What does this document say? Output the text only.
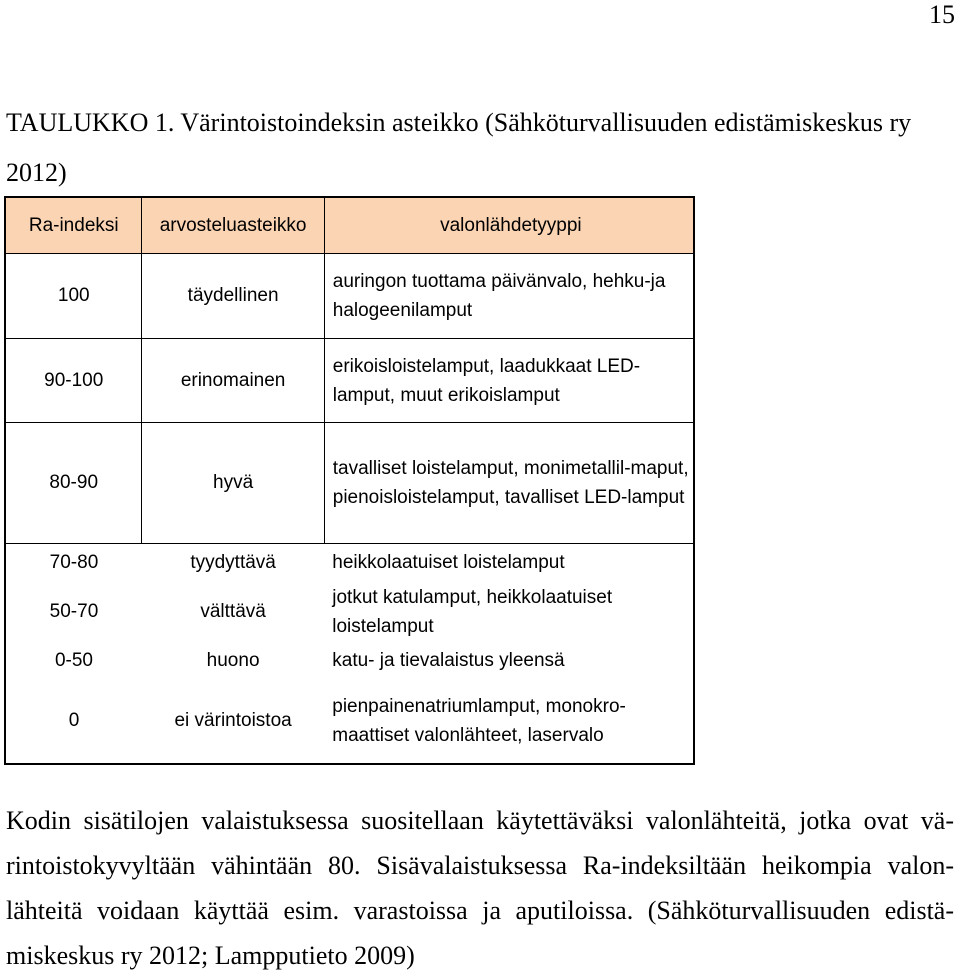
15
TAULUKKO 1. Värintoistoindeksin asteikko (Sähköturvallisuuden edistämiskeskus ry 2012)
Ra-indeksi	arvosteluasteikko	valonlähdetyyppi
100	täydellinen	auringon tuottama päivänvalo, hehku-ja halogeenilamput
90-100	erinomainen	erikoisloistelamput, laadukkaat LED-lamput, muut erikoislamput
80-90	hyvä	tavalliset loistelamput, monimetallil-maput, pienoisloistelamput, tavalliset LED-lamput
70-80	tyydyttävä	heikkolaatuiset loistelamput
50-70	välttävä	jotkut katulamput, heikkolaatuiset loistelamput
0-50	huono	katu- ja tievalaistus yleensä
0	ei värintoistoa	pienpainenatriumlamput, monokro-maattiset valonlähteet, laservalo
Kodin sisätilojen valaistuksessa suositellaan käytettäväksi valonlähteitä, jotka ovat vä-rintoistokyvyltään vähintään 80. Sisävalaistuksessa Ra-indeksiltään heikompia valon-lähteitä voidaan käyttää esim. varastoissa ja aputiloissa. (Sähköturvallisuuden edistä-miskeskus ry 2012; Lampputieto 2009)
